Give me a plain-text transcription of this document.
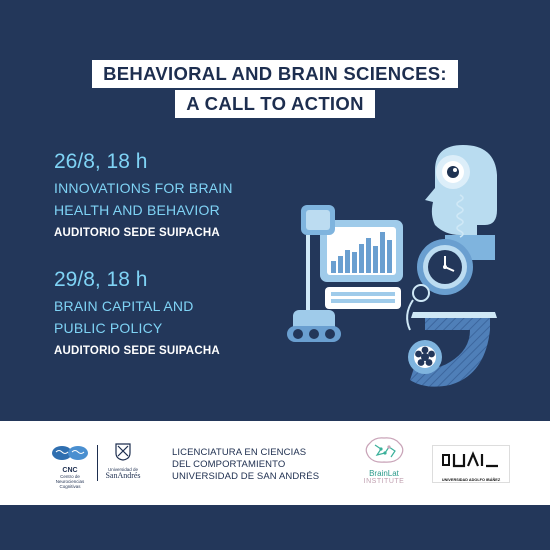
BEHAVIORAL AND BRAIN SCIENCES:
A CALL TO ACTION
26/8, 18 h
INNOVATIONS FOR BRAIN
HEALTH AND BEHAVIOR
AUDITORIO SEDE SUIPACHA
29/8, 18 h
BRAIN CAPITAL AND
PUBLIC POLICY
AUDITORIO SEDE SUIPACHA
CNC
Centro de
Neurociencias Cognitivas
Universidad de
SanAndrés
LICENCIATURA EN CIENCIAS
DEL COMPORTAMIENTO
UNIVERSIDAD DE SAN ANDRÉS	BrainLat
INSTITUTE	UNIVERSIDAD ADOLFO IBÁÑEZ
